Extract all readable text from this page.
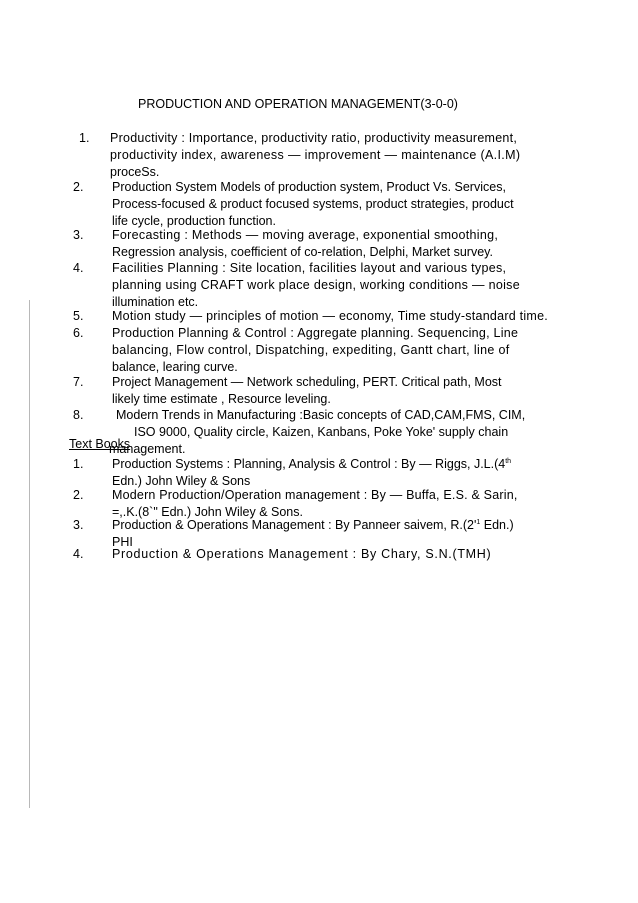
PRODUCTION AND OPERATION MANAGEMENT(3-0-0)
1. Productivity : Importance, productivity ratio, productivity measurement,
productivity index, awareness — improvement — maintenance (A.I.M)
proceSs.
2. Production System Models of production system, Product Vs. Services,
Process-focused & product focused systems, product strategies, product
life cycle, production function.
3. Forecasting : Methods — moving average, exponential smoothing,
Regression analysis, coefficient of co-relation, Delphi, Market survey.
4. Facilities Planning : Site location, facilities layout and various types,
planning using CRAFT work place design, working conditions — noise
illumination etc.
5. Motion study — principles of motion — economy, Time study-standard time.
6. Production Planning & Control : Aggregate planning. Sequencing, Line
balancing, Flow control, Dispatching, expediting, Gantt chart, line of
balance, learing curve.
7. Project Management — Network scheduling, PERT. Critical path, Most
likely time estimate , Resource leveling.
8.	Modern Trends in Manufacturing :Basic concepts of CAD,CAM,FMS, CIM,
ISO 9000, Quality circle, Kaizen, Kanbans, Poke Yoke' supply chain
management.
Text Books
1. Production Systems : Planning, Analysis & Control : By — Riggs, J.L.(4th
Edn.) John Wiley & Sons
2. Modern Production/Operation management : By — Buffa, E.S. & Sarin,
=,.K.(8`" Edn.) John Wiley & Sons.
3. Production & Operations Management : By Panneer saivem, $R.(2'^1$ Edn.)
PHI
4. Production & Operations Management : By Chary, S.N.(TMH)
